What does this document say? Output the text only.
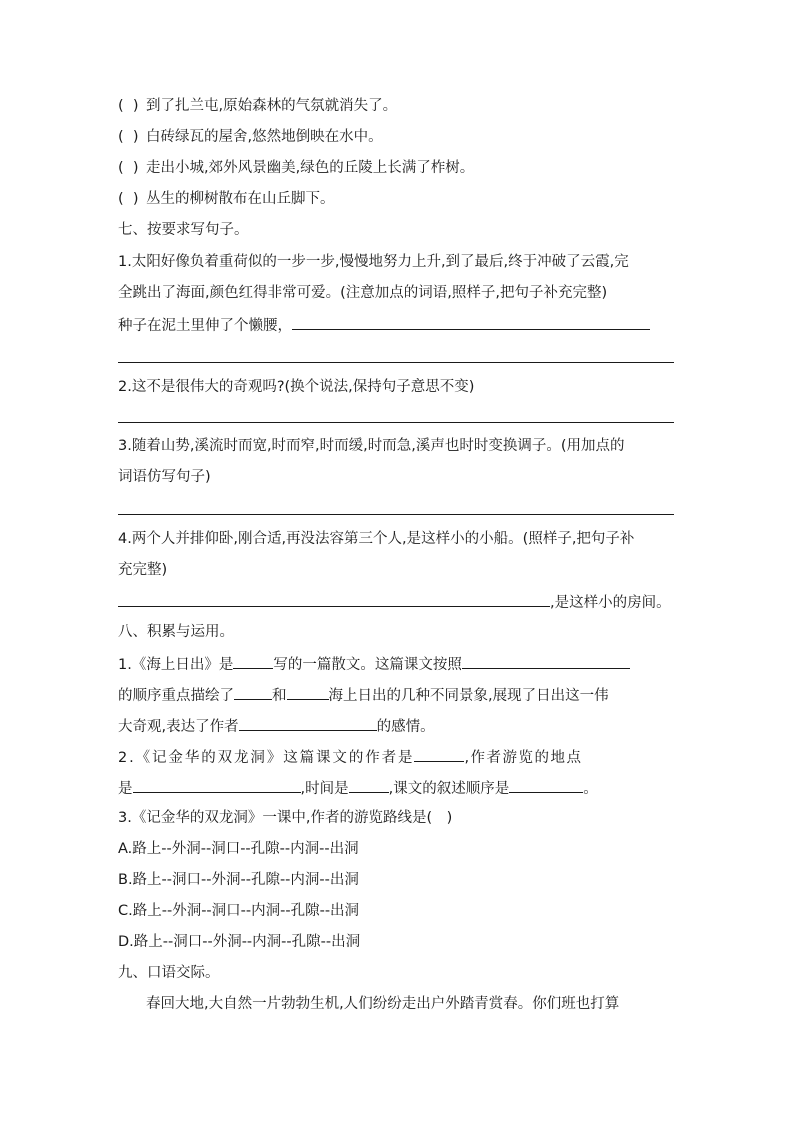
( ) 到了扎兰屯,原始森林的气氛就消失了。
( ) 白砖绿瓦的屋舍,悠然地倒映在水中。
( ) 走出小城,郊外风景幽美,绿色的丘陵上长满了柞树。
( ) 丛生的柳树散布在山丘脚下。
七、按要求写句子。
1.太阳好像负着重荷似的一步一步,慢慢地努力上升,到了最后,终于冲破了云霞,完
全跳出了海面,颜色红得非常可爱。(注意加点的词语,照样子,把句子补充完整)
种子在泥土里伸了个懒腰，
2.这不是很伟大的奇观吗?(换个说法,保持句子意思不变)
3.随着山势,溪流时而宽,时而窄,时而缓,时而急,溪声也时时变换调子。(用加点的
词语仿写句子)
4.两个人并排仰卧,刚合适,再没法容第三个人,是这样小的小船。(照样子,把句子补
充完整)
,是这样小的房间。
八、积累与运用。
1.《海上日出》是	写的一篇散文。这篇课文按照
的顺序重点描绘了	和	海上日出的几种不同景象,展现了日出这一伟
大奇观,表达了作者	的感情。
2.《记金华的双龙洞》这篇课文的作者是	,作者游览的地点
是	,时间是	,课文的叙述顺序是	。
3.《记金华的双龙洞》一课中,作者的游览路线是(　)
A.路上--外洞--洞口--孔隙--内洞--出洞
B.路上--洞口--外洞--孔隙--内洞--出洞
C.路上--外洞--洞口--内洞--孔隙--出洞
D.路上--洞口--外洞--内洞--孔隙--出洞
九、口语交际。
春回大地,大自然一片勃勃生机,人们纷纷走出户外踏青赏春。你们班也打算
